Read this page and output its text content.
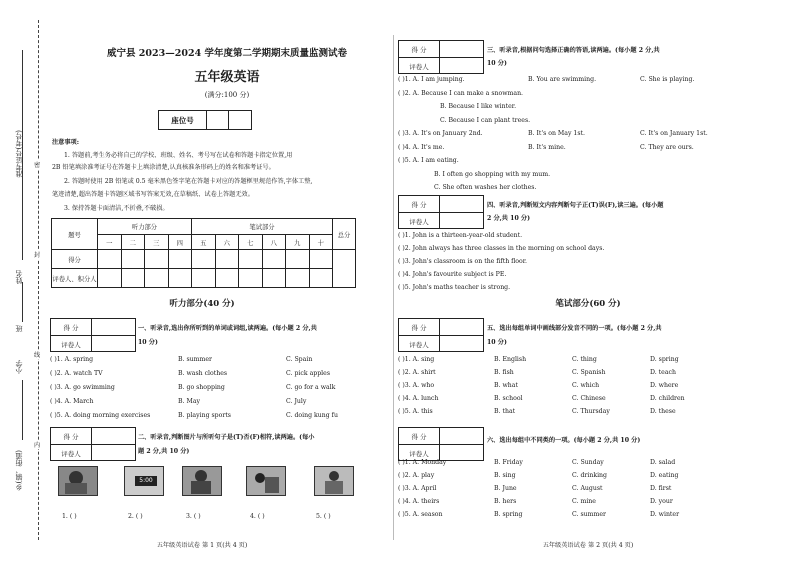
准考证号(考号)
姓名
班
小学
乡(镇、街道)
密
封
线
内
威宁县 2023—2024 学年度第二学期期末质量监测试卷
五年级英语
(满分:100 分)
座位号
注意事项:
1. 答题前,考生务必将自己的学校、班级、姓名、考号写在试卷和答题卡指定位置,用
2B 铅笔填涂准考证号在答题卡上填涂清楚,认真核准条形码上的姓名和准考证号。
2. 答题时使用 2B 铅笔或 0.5 毫米黑色签字笔在答题卡对应的答题框里规范作答,字体工整,
笔迹清楚,超出答题卡答题区域书写答案无效,在草稿纸、试卷上答题无效。
3. 保持答题卡面清洁,不折叠,不破损。
题号	听力部分				笔试部分						总分
	一	二	三	四	五	六	七	八	九	十	
得分											
评卷人、积分人											
听力部分(40 分)
得 分
评卷人
一、听录音,选出你所听到的单词或词组,读两遍。(每小题 2 分,共
10 分)
( )1. A. spring	B. summer	C. Spain
( )2. A. watch TV	B. wash clothes	C. pick apples
( )3. A. go swimming	B. go shopping	C. go for a walk
( )4. A. March	B. May	C. July
( )5. A. doing morning exercises	B. playing sports	C. doing kung fu
得 分
评卷人
二、听录音,判断图片与所听句子是(T)否(F)相符,读两遍。(每小
题 2 分,共 10 分)
5:00
1. ( )	2. ( )	3. ( )	4. ( )	5. ( )
五年级英语试卷 第 1 页(共 4 页)
得 分
评卷人
三、听录音,根据问句选择正确的答语,读两遍。(每小题 2 分,共
10 分)
( )1. A. I am jumping.	B. You are swimming.	C. She is playing.
( )2. A. Because I can make a snowman.
B. Because I like winter.
C. Because I can plant trees.
( )3. A. It's on January 2nd.	B. It's on May 1st.	C. It's on January 1st.
( )4. A. It's me.	B. It's mine.	C. They are ours.
( )5. A. I am eating.
B. I often go shopping with my mum.
C. She often washes her clothes.
得 分
评卷人
四、听录音,判断短文内容判断句子正(T)误(F),读三遍。(每小题
2 分,共 10 分)
( )1. John is a thirteen-year-old student.
( )2. John always has three classes in the morning on school days.
( )3. John's classroom is on the fifth floor.
( )4. John's favourite subject is PE.
( )5. John's maths teacher is strong.
笔试部分(60 分)
得 分
评卷人
五、选出每组单词中画线部分发音不同的一项。(每小题 2 分,共
10 分)
( )1. A. sing	B. English	C. thing	D. spring
( )2. A. shirt	B. fish	C. Spanish	D. teach
( )3. A. who	B. what	C. which	D. where
( )4. A. lunch	B. school	C. Chinese	D. children
( )5. A. this	B. that	C. Thursday	D. these
得 分
评卷人
六、选出每组中不同类的一项。(每小题 2 分,共 10 分)
( )1. A. Monday	B. Friday	C. Sunday	D. salad
( )2. A. play	B. sing	C. drinking	D. eating
( )3. A. April	B. June	C. August	D. first
( )4. A. theirs	B. hers	C. mine	D. your
( )5. A. season	B. spring	C. summer	D. winter
五年级英语试卷 第 2 页(共 4 页)
